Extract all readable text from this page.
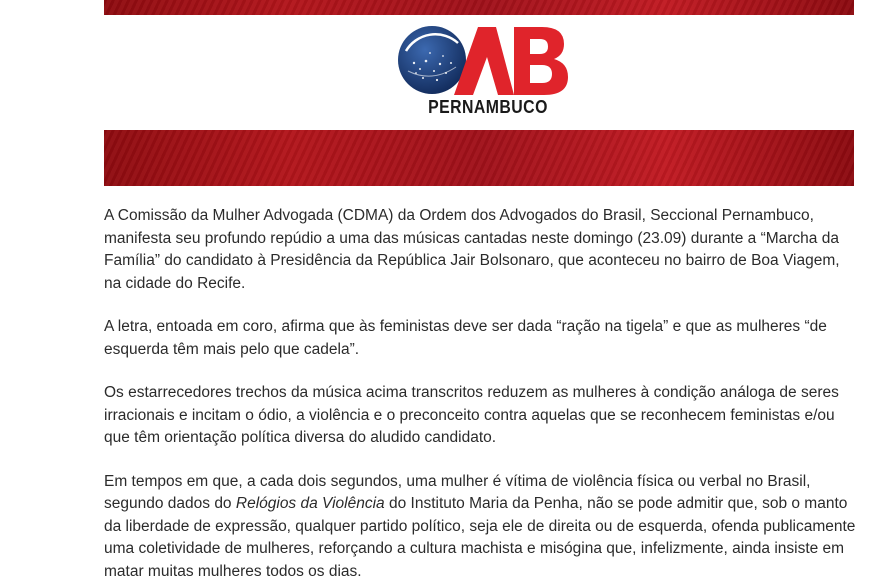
PERNAMBUCO

A Comissão da Mulher Advogada (CDMA) da Ordem dos Advogados do Brasil, Seccional Pernambuco, manifesta seu profundo repúdio a uma das músicas cantadas neste domingo (23.09) durante a “Marcha da Família” do candidato à Presidência da República Jair Bolsonaro, que aconteceu no bairro de Boa Viagem, na cidade do Recife.

A letra, entoada em coro, afirma que às feministas deve ser dada “ração na tigela” e que as mulheres “de esquerda têm mais pelo que cadela”.

Os estarrecedores trechos da música acima transcritos reduzem as mulheres à condição análoga de seres irracionais e incitam o ódio, a violência e o preconceito contra aquelas que se reconhecem feministas e/ou que têm orientação política diversa do aludido candidato.

Em tempos em que, a cada dois segundos, uma mulher é vítima de violência física ou verbal no Brasil, segundo dados do Relógios da Violência do Instituto Maria da Penha, não se pode admitir que, sob o manto da liberdade de expressão, qualquer partido político, seja ele de direita ou de esquerda, ofenda publicamente uma coletividade de mulheres, reforçando a cultura machista e misógina que, infelizmente, ainda insiste em matar muitas mulheres todos os dias.
